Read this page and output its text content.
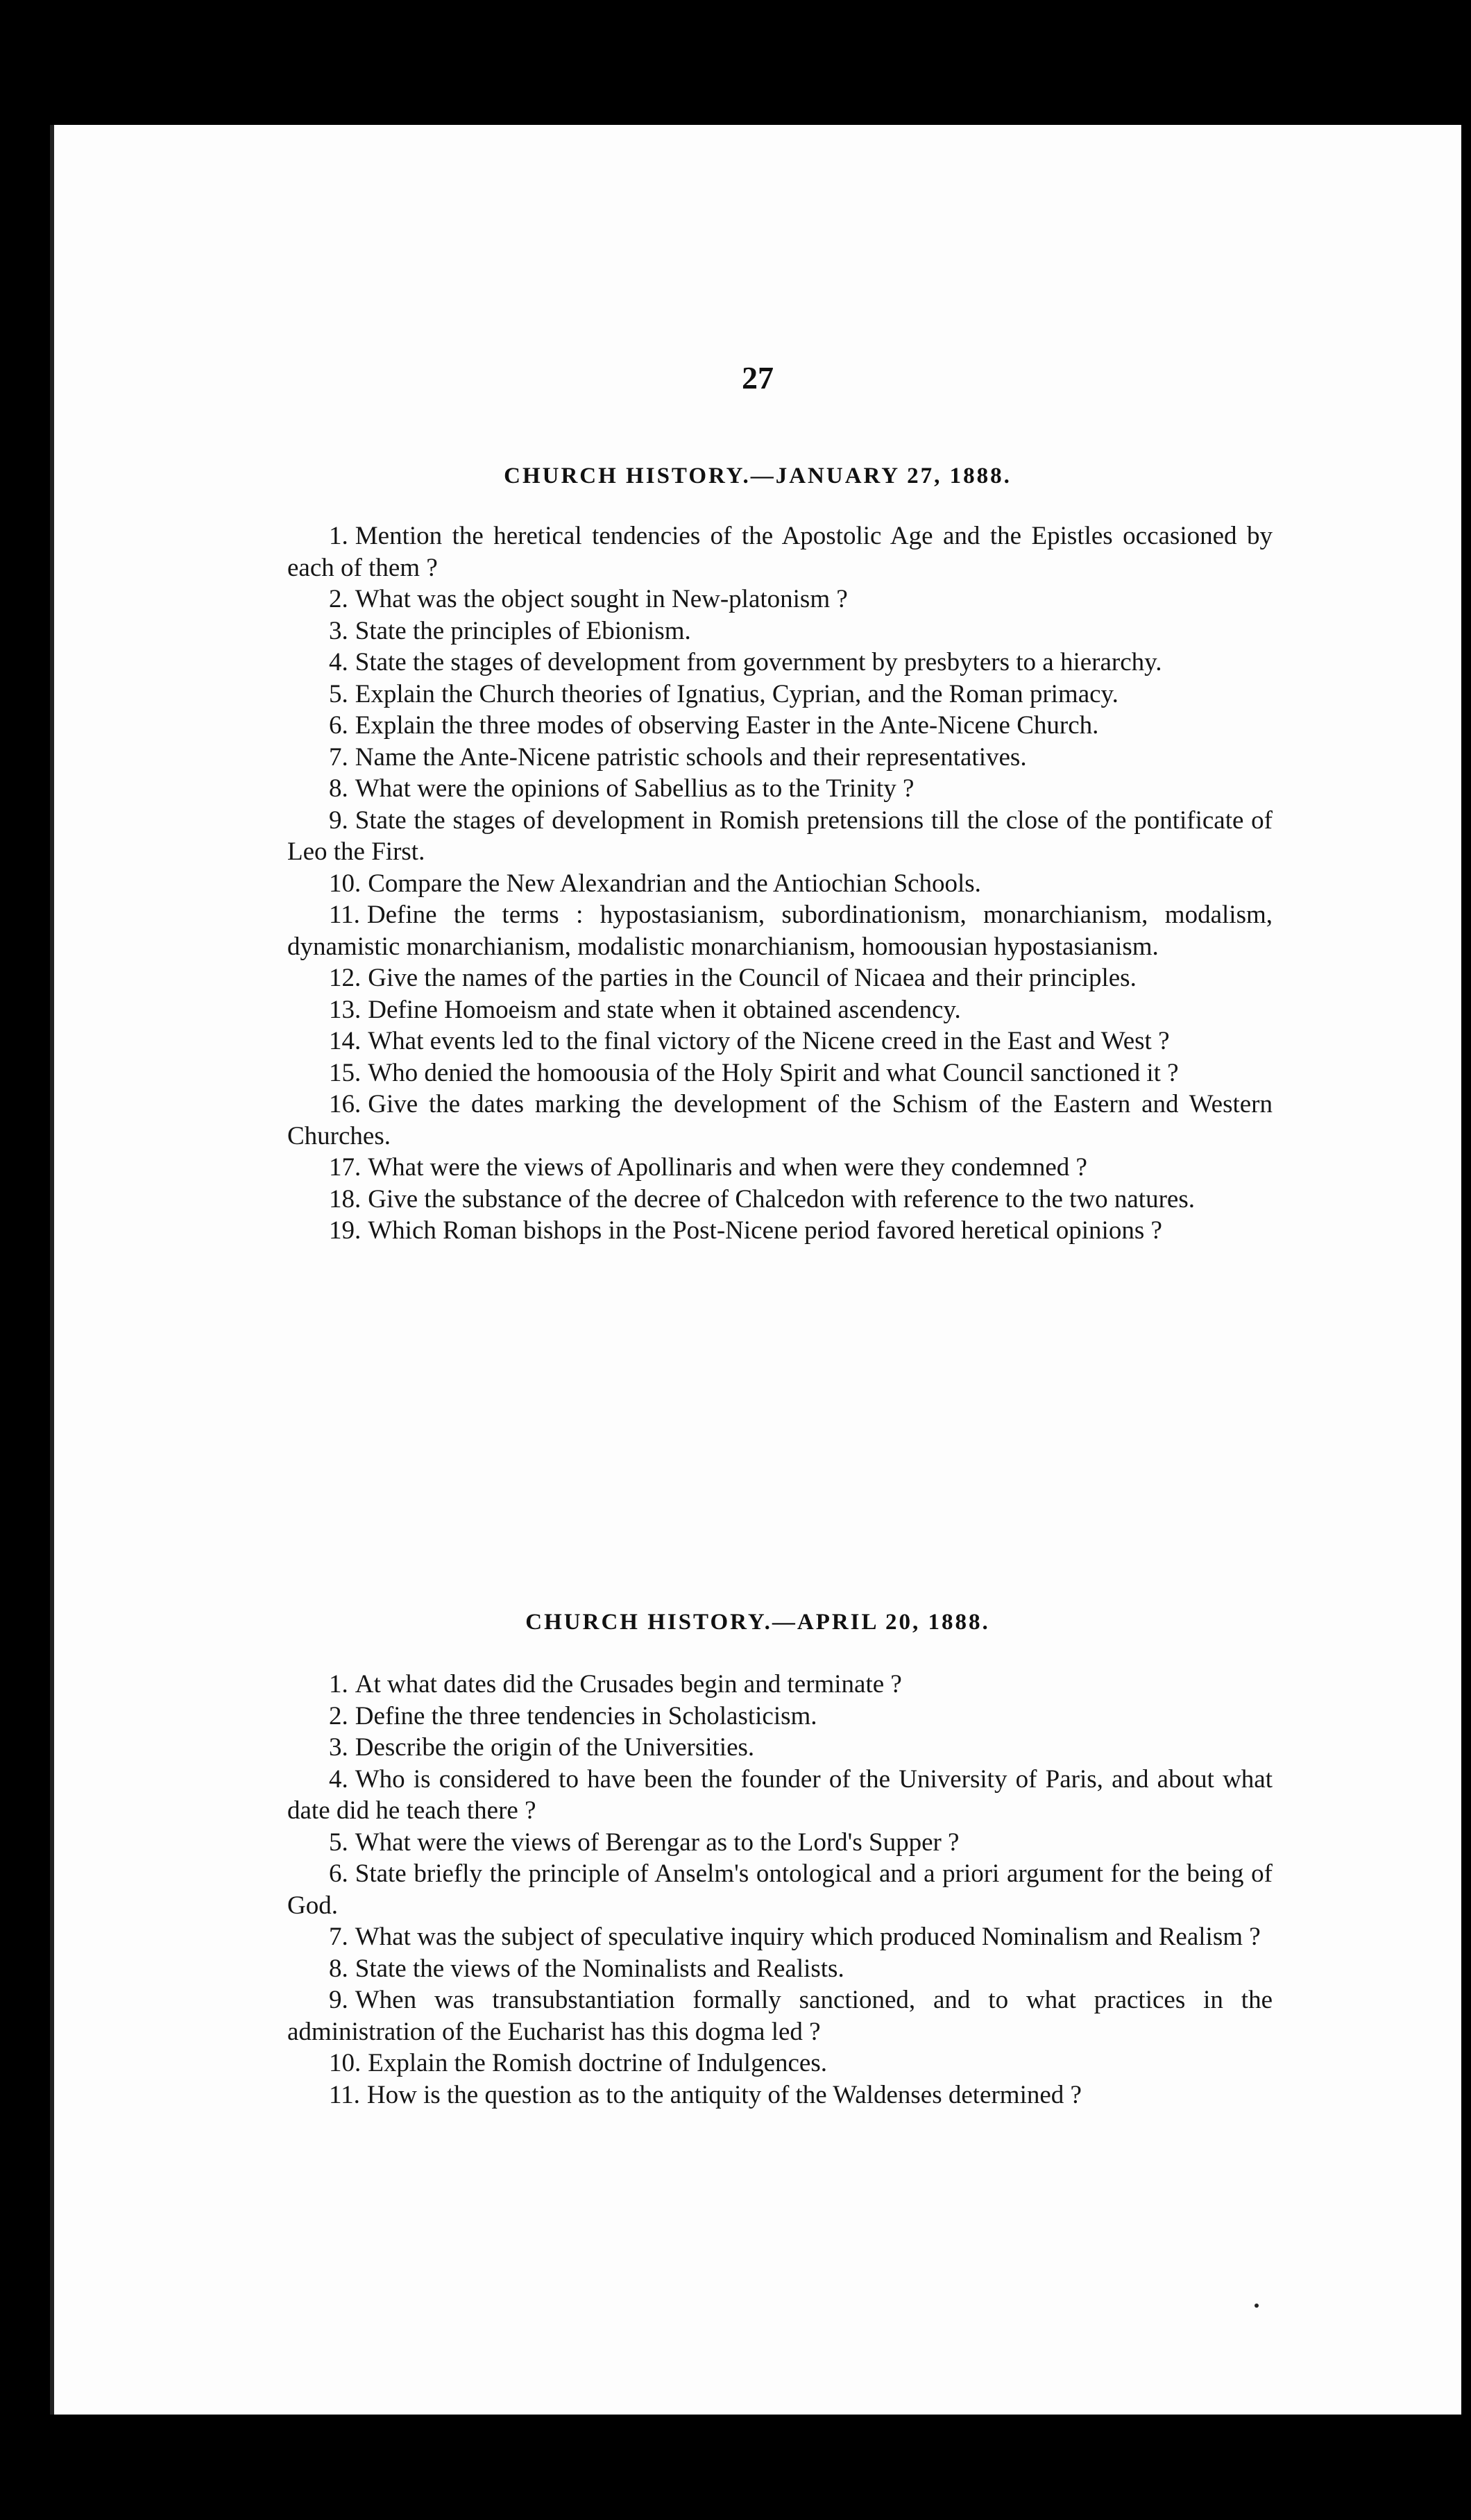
27
CHURCH HISTORY.—JANUARY 27, 1888.
1. Mention the heretical tendencies of the Apostolic Age and the Epistles occasioned by each of them ?
2. What was the object sought in New-platonism ?
3. State the principles of Ebionism.
4. State the stages of development from government by presbyters to a hierarchy.
5. Explain the Church theories of Ignatius, Cyprian, and the Roman primacy.
6. Explain the three modes of observing Easter in the Ante-Nicene Church.
7. Name the Ante-Nicene patristic schools and their representatives.
8. What were the opinions of Sabellius as to the Trinity ?
9. State the stages of development in Romish pretensions till the close of the pontificate of Leo the First.
10. Compare the New Alexandrian and the Antiochian Schools.
11. Define the terms : hypostasianism, subordinationism, monarchianism, modalism, dynamistic monarchianism, modalistic monarchianism, homoousian hypostasianism.
12. Give the names of the parties in the Council of Nicaea and their principles.
13. Define Homoeism and state when it obtained ascendency.
14. What events led to the final victory of the Nicene creed in the East and West ?
15. Who denied the homoousia of the Holy Spirit and what Council sanctioned it ?
16. Give the dates marking the development of the Schism of the Eastern and Western Churches.
17. What were the views of Apollinaris and when were they condemned ?
18. Give the substance of the decree of Chalcedon with reference to the two natures.
19. Which Roman bishops in the Post-Nicene period favored heretical opinions ?
CHURCH HISTORY.—APRIL 20, 1888.
1. At what dates did the Crusades begin and terminate ?
2. Define the three tendencies in Scholasticism.
3. Describe the origin of the Universities.
4. Who is considered to have been the founder of the University of Paris, and about what date did he teach there ?
5. What were the views of Berengar as to the Lord's Supper ?
6. State briefly the principle of Anselm's ontological and a priori argument for the being of God.
7. What was the subject of speculative inquiry which produced Nominalism and Realism ?
8. State the views of the Nominalists and Realists.
9. When was transubstantiation formally sanctioned, and to what practices in the administration of the Eucharist has this dogma led ?
10. Explain the Romish doctrine of Indulgences.
11. How is the question as to the antiquity of the Waldenses determined ?
